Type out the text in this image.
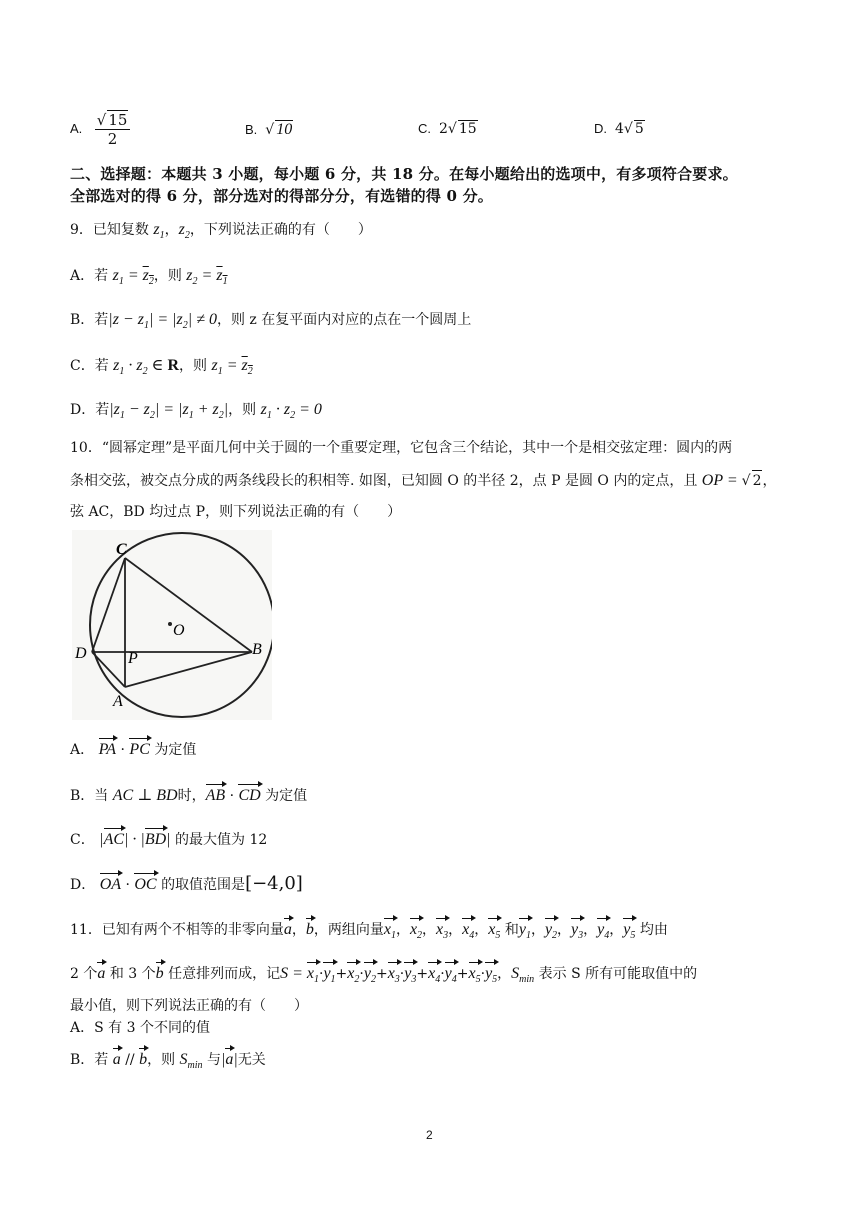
A. $\frac{√ 15}{2}$	B. √ 10	C. 2√ 15	D. 4√ 5
二、选择题：本题共 3 小题，每小题 6 分，共 18 分。在每小题给出的选项中，有多项符合要求。
全部选对的得 6 分，部分选对的得部分分，有选错的得 0 分。
9．已知复数 $z_1$，$z_2$，下列说法正确的有（　　）
A．若 $z_1 = z_2$，则 $z_2 = z_1$
B．若$|z - z_1| = |z_2| \ne 0$，则 z 在复平面内对应的点在一个圆周上
C．若 $z_1 \cdot z_2$ ∈ R，则 $z_1 = z_2$
D．若$|z_1 - z_2| = |z_1 + z_2|$，则 $z_1 \cdot z_2 = 0$
10．“圆幂定理”是平面几何中关于圆的一个重要定理，它包含三个结论，其中一个是相交弦定理：圆内的两
条相交弦，被交点分成的两条线段长的积相等. 如图，已知圆 O 的半径 2，点 P 是圆 O 内的定点，且 OP = √ 2，
弦 AC，BD 均过点 P，则下列说法正确的有（　　）
C
O
D	P
B
A
A． PA · PC 为定值
B．当 AC ⊥ BD时，AB · CD 为定值
C． |AC| · |BD| 的最大值为 12
D． OA · OC 的取值范围是[−4,0]
11．已知有两个不相等的非零向量a，b，两组向量$x_1$，$x_2$，$x_3$，$x_4$，$x_5$ 和$y_1$，$y_2$，$y_3$，$y_4$，$y_5$ 均由
2 个a 和 3 个b 任意排列而成，记$S = x_1\cdot y_1+x_2\cdot y_2+x_3\cdot y_3+x_4\cdot y_4+x_5\cdot y_5$，$S_{min}$ 表示 S 所有可能取值中的
最小值，则下列说法正确的有（　　）
A．S 有 3 个不同的值
B．若 a // b，则 $S_{min}$ 与|a|无关
2
